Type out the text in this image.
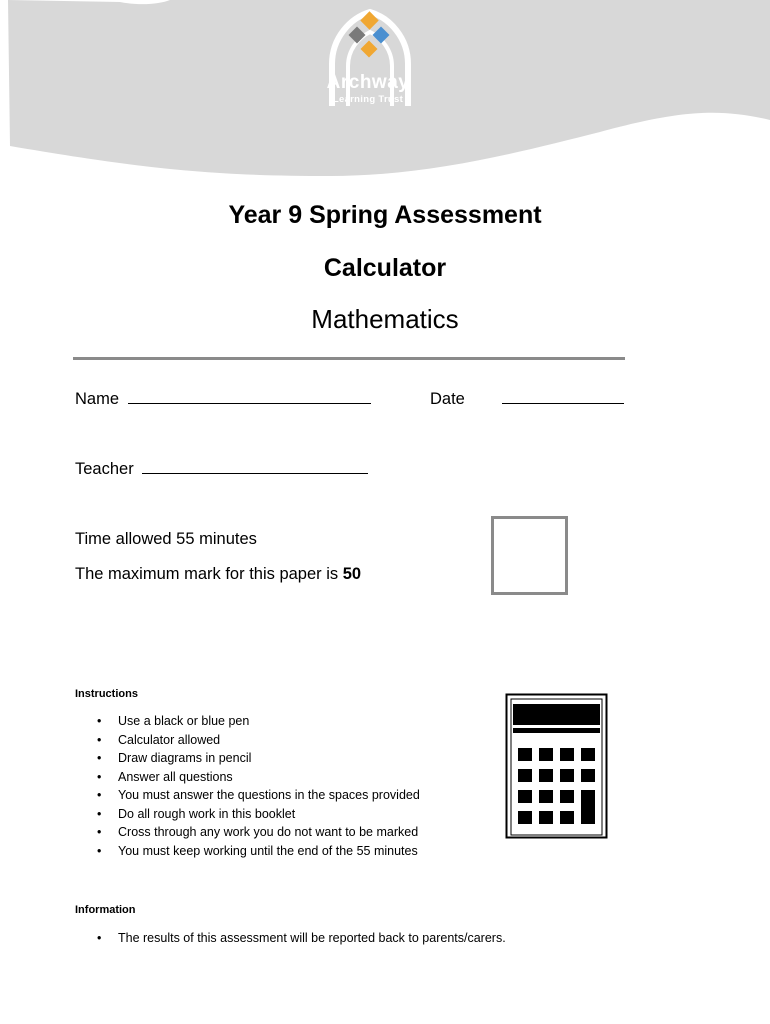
Archway
Learning Trust
Year 9 Spring Assessment
Calculator
Mathematics
Name	Date
Teacher
Time allowed 55 minutes
The maximum mark for this paper is 50
Instructions
• Use a black or blue pen
• Calculator allowed
• Draw diagrams in pencil
• Answer all questions
• You must answer the questions in the spaces provided
• Do all rough work in this booklet
• Cross through any work you do not want to be marked
• You must keep working until the end of the 55 minutes
Information
• The results of this assessment will be reported back to parents/carers.
